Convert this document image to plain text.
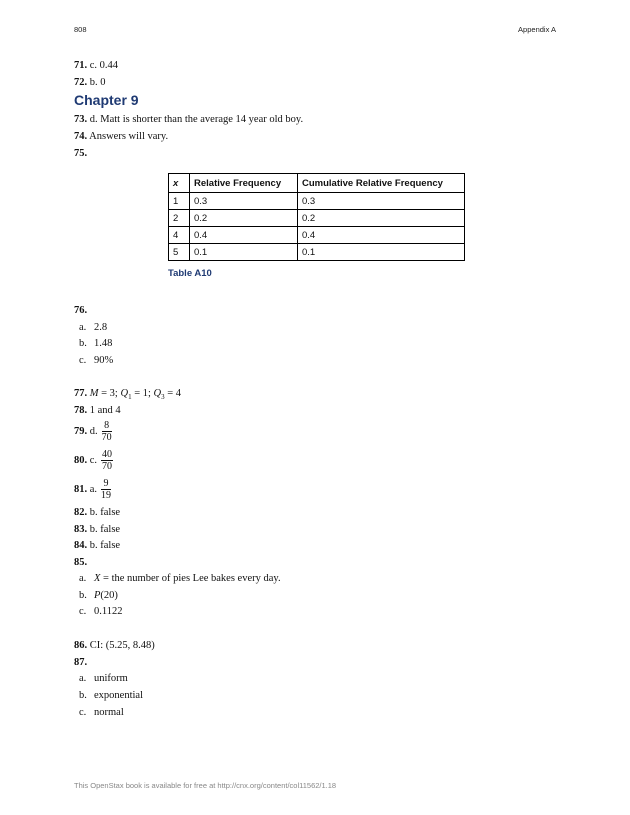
808	Appendix A
71. c. 0.44
72. b. 0
Chapter 9
73. d. Matt is shorter than the average 14 year old boy.
74. Answers will vary.
75.
x	Relative Frequency	Cumulative Relative Frequency
1	0.3	0.3
2	0.2	0.2
4	0.4	0.4
5	0.1	0.1
Table A10
76.
a. 2.8
b. 1.48
c. 90%
77. M = 3; $Q_1 = 1$; $Q_3 = 4$
78. 1 and 4
79. d. $\frac{8}{70}$
80. c. $\frac{40}{70}$
81. a. $\frac{9}{19}$
82. b. false
83. b. false
84. b. false
85.
a. X = the number of pies Lee bakes every day.
b. P(20)
c. 0.1122
86. CI: (5.25, 8.48)
87.
a. uniform
b. exponential
c. normal
This OpenStax book is available for free at http://cnx.org/content/col11562/1.18
